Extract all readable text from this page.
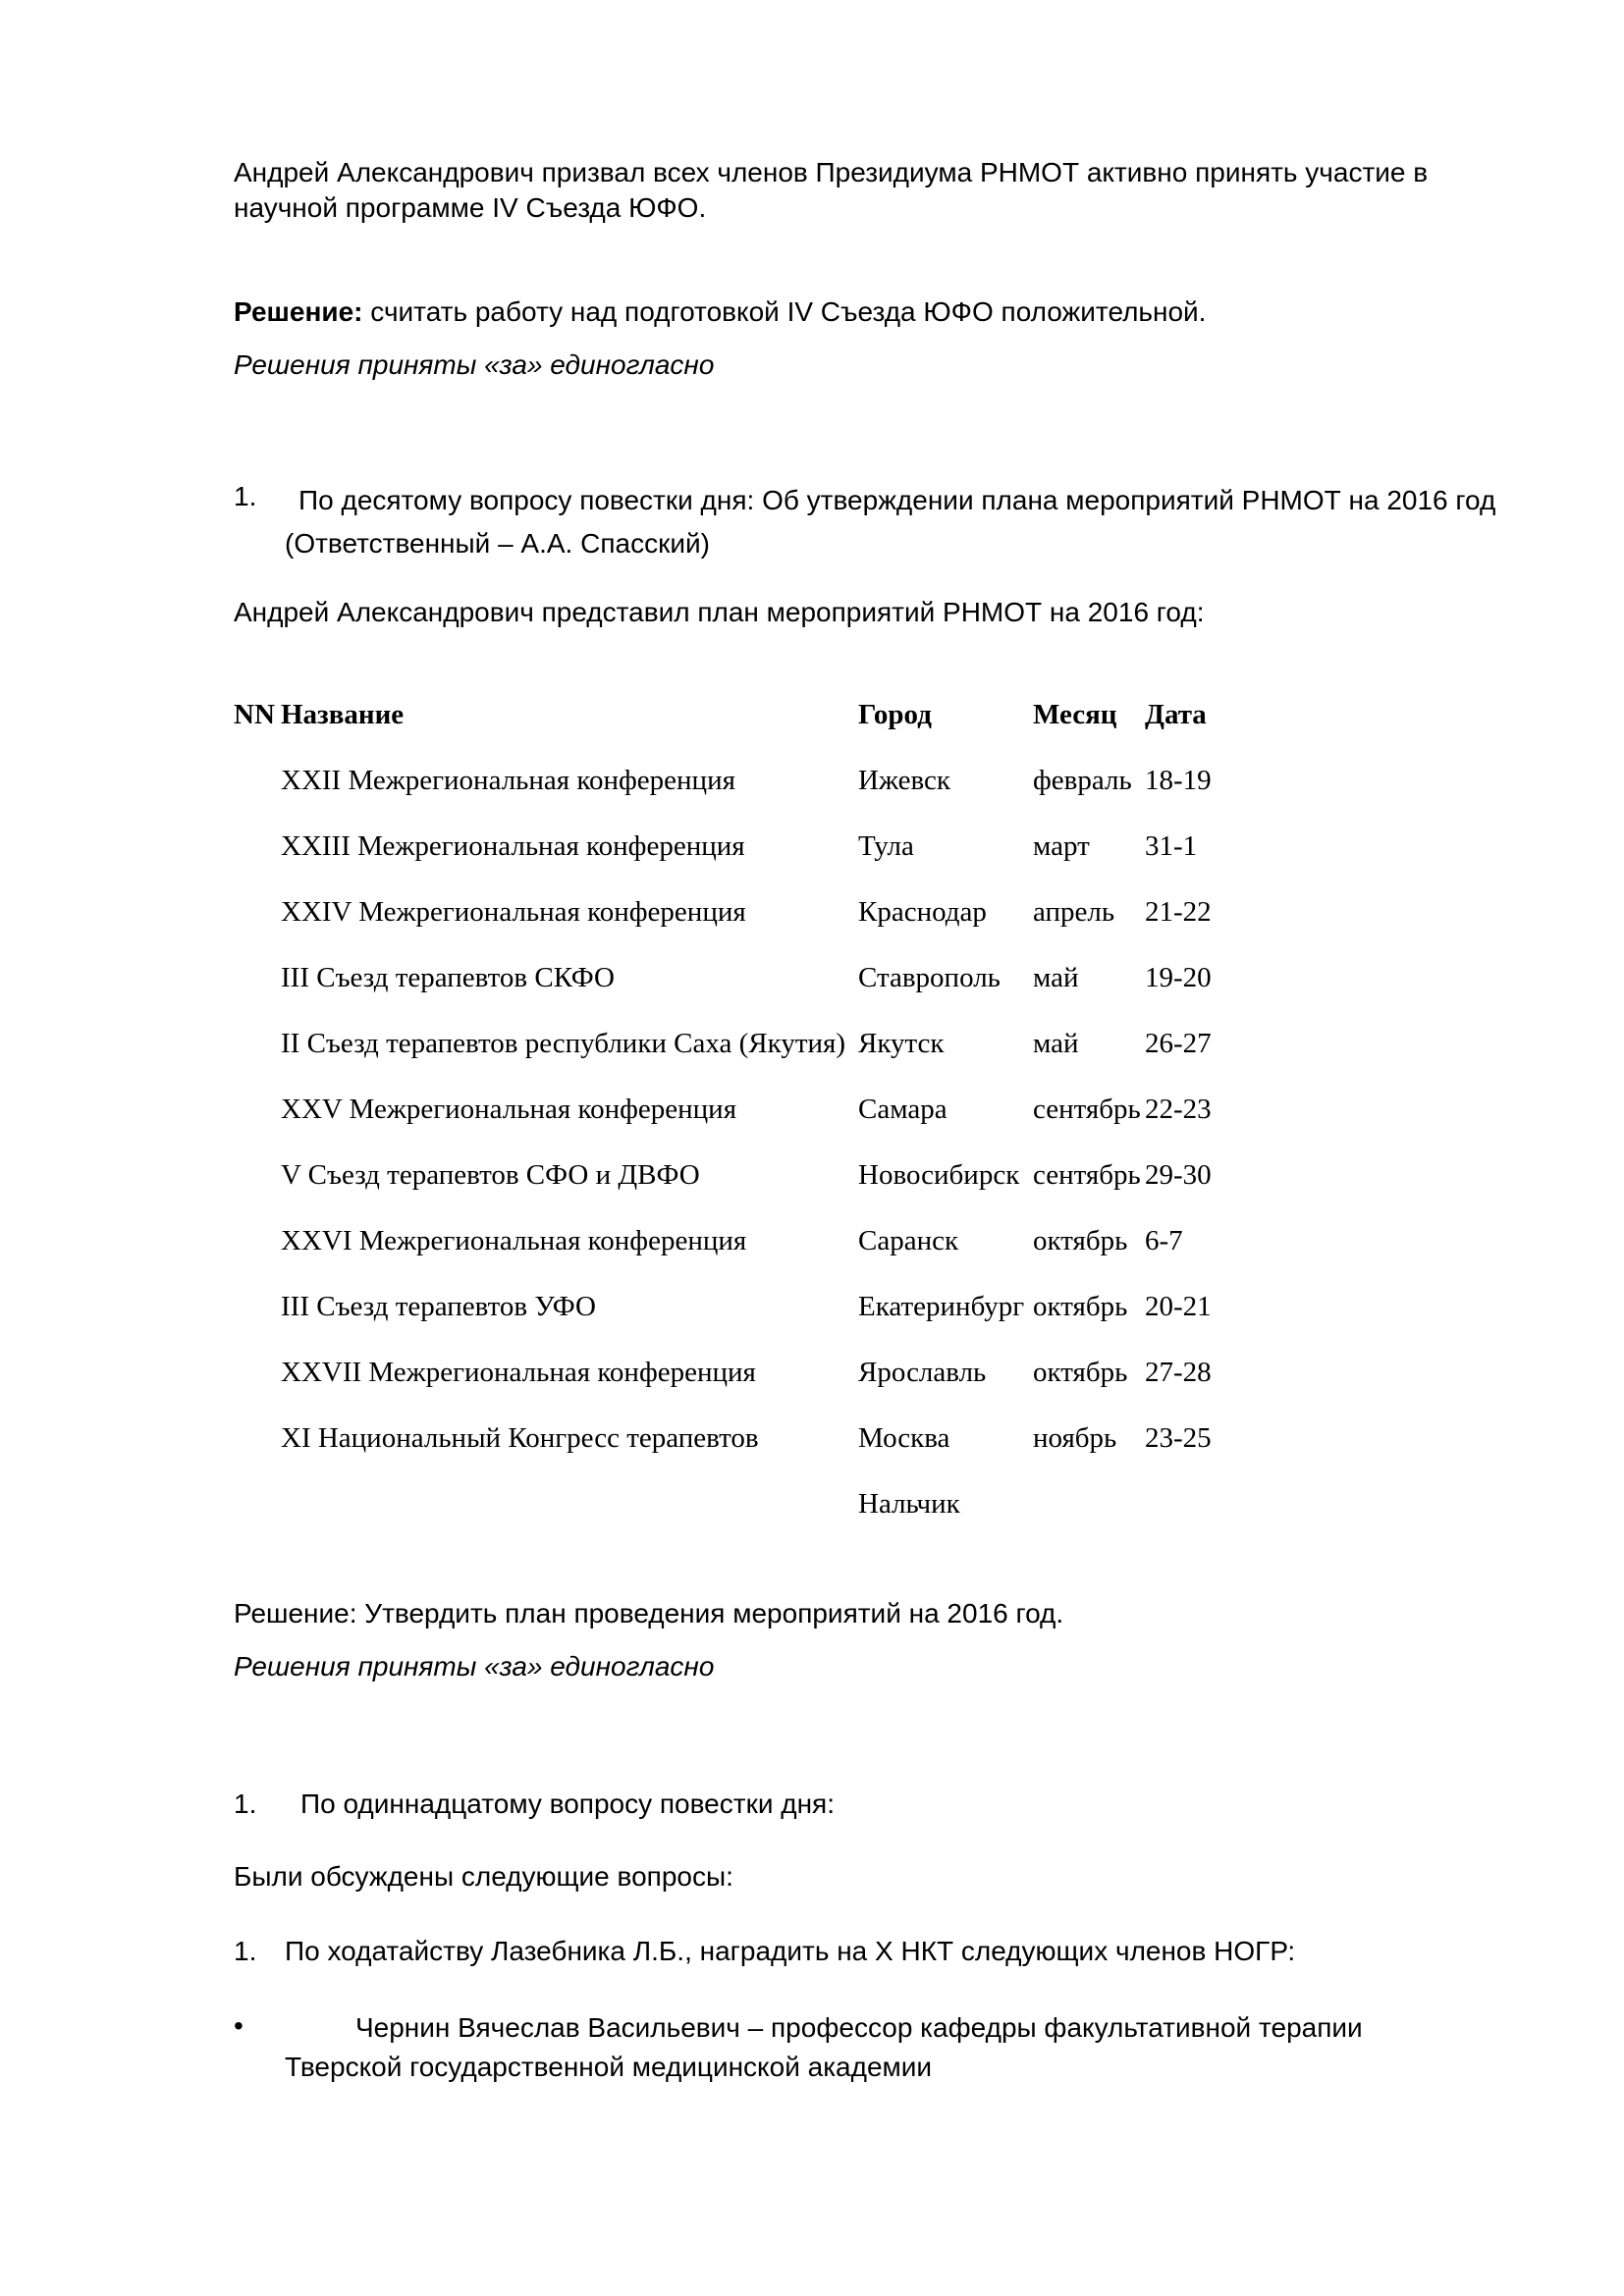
Андрей Александрович призвал всех членов Президиума РНМОТ активно принять участие в научной программе IV Съезда ЮФО.
Решение: считать работу над подготовкой IV Съезда ЮФО положительной.
Решения приняты «за» единогласно
1.	По десятому вопросу повестки дня: Об утверждении плана мероприятий РНМОТ на 2016 год (Ответственный – А.А. Спасский)
Андрей Александрович представил план мероприятий РНМОТ на 2016 год:
NN Название	Город	Месяц Дата
XXII Межрегиональная конференция	Ижевск	февраль 18-19
XXIII Межрегиональная конференция	Тула	март 31-1
XXIV Межрегиональная конференция	Краснодар апрель 21-22
III Съезд терапевтов СКФО	Ставрополь май 19-20
II Съезд терапевтов республики Саха (Якутия) Якутск	май 26-27
XXV Межрегиональная конференция	Самара	сентябрь 22-23
V Съезд терапевтов СФО и ДВФО	Новосибирск сентябрь 29-30
XXVI Межрегиональная конференция	Саранск	октябрь 6-7
III Съезд терапевтов УФО	Екатеринбург октябрь 20-21
XXVII Межрегиональная конференция	Ярославль октябрь 27-28
XI Национальный Конгресс терапевтов	Москва	ноябрь 23-25
Нальчик
Решение: Утвердить план проведения мероприятий на 2016 год.
Решения приняты «за» единогласно
1. По одиннадцатому вопросу повестки дня:
Были обсуждены следующие вопросы:
1. По ходатайству Лазебника Л.Б., наградить на Х НКТ следующих членов НОГР:
•	Чернин Вячеслав Васильевич – профессор кафедры факультативной терапии Тверской государственной медицинской академии
